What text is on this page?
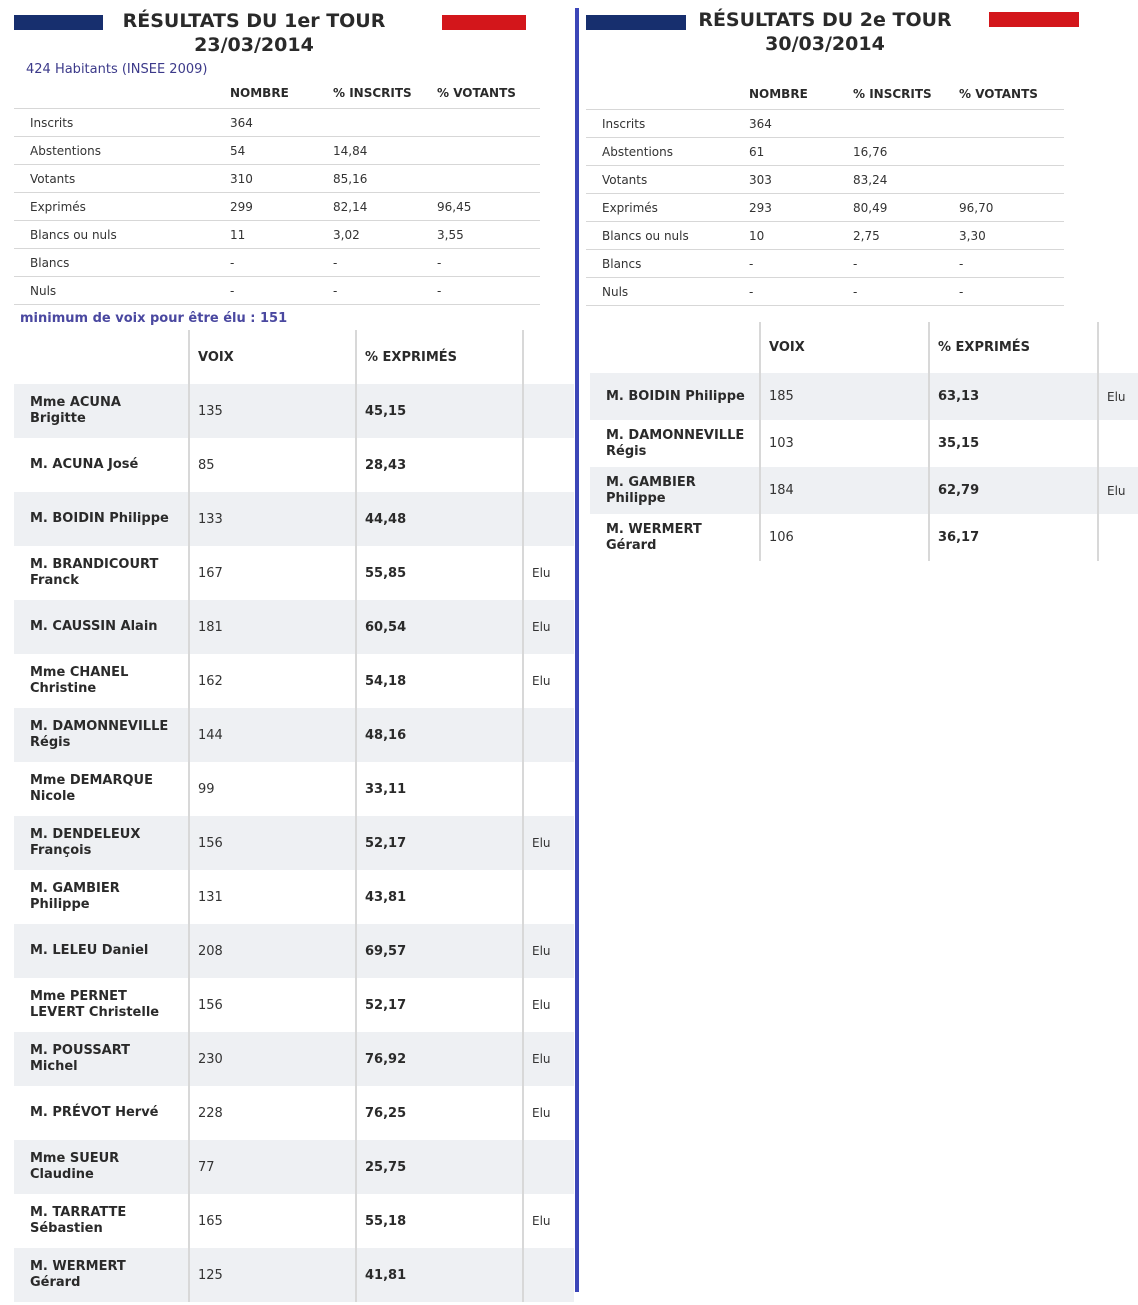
RÉSULTATS DU 1er TOUR
23/03/2014
424 Habitants (INSEE 2009)
	NOMBRE	% INSCRITS	% VOTANTS
Inscrits	364		
Abstentions	54	14,84	
Votants	310	85,16	
Exprimés	299	82,14	96,45
Blancs ou nuls	11	3,02	3,55
Blancs	-	-	-
Nuls	-	-	-
minimum de voix pour être élu : 151
	VOIX	% EXPRIMÉS	
Mme ACUNA Brigitte	135	45,15	
M. ACUNA José	85	28,43	
M. BOIDIN Philippe	133	44,48	
M. BRANDICOURT Franck	167	55,85	Elu
M. CAUSSIN Alain	181	60,54	Elu
Mme CHANEL Christine	162	54,18	Elu
M. DAMONNEVILLE Régis	144	48,16	
Mme DEMARQUE Nicole	99	33,11	
M. DENDELEUX François	156	52,17	Elu
M. GAMBIER Philippe	131	43,81	
M. LELEU Daniel	208	69,57	Elu
Mme PERNET LEVERT Christelle	156	52,17	Elu
M. POUSSART Michel	230	76,92	Elu
M. PRÉVOT Hervé	228	76,25	Elu
Mme SUEUR Claudine	77	25,75	
M. TARRATTE Sébastien	165	55,18	Elu
M. WERMERT Gérard	125	41,81	
RÉSULTATS DU 2e TOUR
30/03/2014
	NOMBRE	% INSCRITS	% VOTANTS
Inscrits	364		
Abstentions	61	16,76	
Votants	303	83,24	
Exprimés	293	80,49	96,70
Blancs ou nuls	10	2,75	3,30
Blancs	-	-	-
Nuls	-	-	-
	VOIX	% EXPRIMÉS	
M. BOIDIN Philippe	185	63,13	Elu
M. DAMONNEVILLE Régis	103	35,15	
M. GAMBIER Philippe	184	62,79	Elu
M. WERMERT Gérard	106	36,17	
